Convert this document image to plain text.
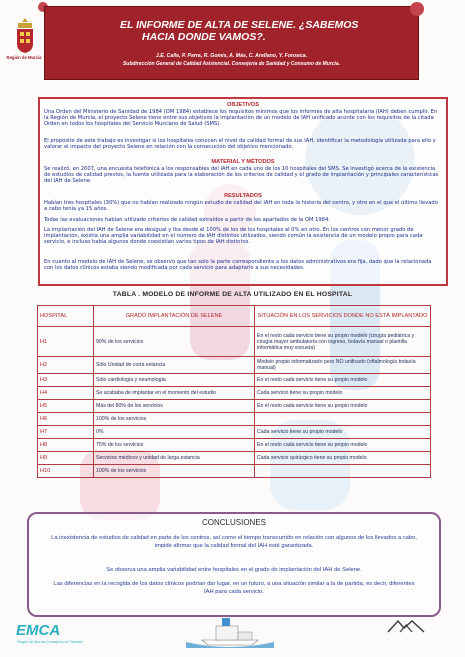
EL INFORME DE ALTA DE SELENE. ¿SABEMOS
HACIA DONDE VAMOS?.
J.E. Calle, P. Parra, R. Gomis, A. Más, C. Arellano, Y. Fonseca.
Subdirección General de Calidad Asistencial. Consejería de Sanidad y Consumo de Murcia.
Región de Murcia
OBJETIVOS
Una Orden del Ministerio de Sanidad de 1984 (OM 1984) establece los requisitos mínimos que los informes de alta hospitalaria (IAH) deben cumplir. En la Región de Murcia, el proyecto Selene tiene entre sus objetivos la implantación de un modelo de IAH unificado acorde con los requisitos de la citada Orden en todos los hospitales del Servicio Murciano de Salud (SMS).
El propósito de este trabajo es investigar si los hospitales conocen el nivel de calidad formal de sus IAH, identificar la metodología utilizada para ello y valorar el impacto del proyecto Selene en relación con la consecución del objetivo mencionado.
MATERIAL Y MÉTODOS
Se realizó, en 2007, una encuesta telefónica a los responsables del IAH en cada uno de los 10 hospitales del SMS. Se investigó acerca de la existencia de estudios de calidad previos, la fuente utilizada para la elaboración de los criterios de calidad y el grado de implantación y principales características del IAH de Selene.
RESULTADOS
Habían tres hospitales (30%) que no habían realizado ningún estudio de calidad del IAH en toda la historia del centro, y otro en el que el último llevado a cabo tenía ya 15 años.
Todas las evaluaciones habían utilizado criterios de calidad extraídos a partir de los apartados de la OM 1984.
La implantación del IAH de Selene era desigual y iba desde el 100% de los de los hospitales al 0% en otro. En los centros con menor grado de implantación, existía una amplia variabilidad en el número de IAH distintos utilizados, siendo común la existencia de un modelo propio para cada servicio, e incluso había algunos donde coexistían varios tipos de IAH distintos.
En cuanto al modelo de IAH de Selene, se observó que tan solo la parte correspondiente a los datos administrativos era fija, dado que la relacionada con los datos clínicos estaba siendo modificada por cada servicio para adaptarlo a sus necesidades.
TABLA . MODELO DE INFORME DE ALTA UTILIZADO EN EL HOSPITAL
HOSPITAL	GRADO IMPLANTACIÓN DE SELENE	SITUACIÓN EN LOS SERVICIOS DONDE NO ESTÁ IMPLANTADO
H1	90% de los servicios	En el resto cada servicio tiene su propio modelo (cirugía pediátrica y cirugía mayor ambulatoria con ingreso, todavía manual o plantilla informática muy escueta)
H2	Sólo Unidad de corta estancia	Modelo propio informatizado pero NO unificado (oftalmología todavía manual)
H3	Sólo cardiología y neumología	En el resto cada servicio tiene su propio modelo
H4	Se acababa de implantar en el momento del estudio	Cada servicio tiene su propio modelo
H5	Más del 80% de los servicios	En el resto cada servicio tiene su propio modelo
H6	100% de los servicios	
H7	0%	Cada servicio tiene su propio modelo
H8	75% de los servicios	En el resto cada servicio tiene su propio modelo
H9	Servicios médicos y unidad de larga estancia	Cada servicio quirúrgico tiene su propio modelo
H10	100% de los servicios	
CONCLUSIONES
La inexistencia de estudios de calidad en parte de los centros, así como el tiempo transcurrido en relación con algunos de los llevados a cabo, impide afirmar que la calidad formal del IAH esté garantizada.
Se observa una amplia variabilidad entre hospitales en el grado de implantación del IAH de Selene.
Las diferencias en la recogida de los datos clínicos podrían dar lugar, en un futuro, a una situación similar a la de partida, es decir, diferentes IAH para cada servicio.
EMCA
Región de Murcia Consejería de Sanidad
